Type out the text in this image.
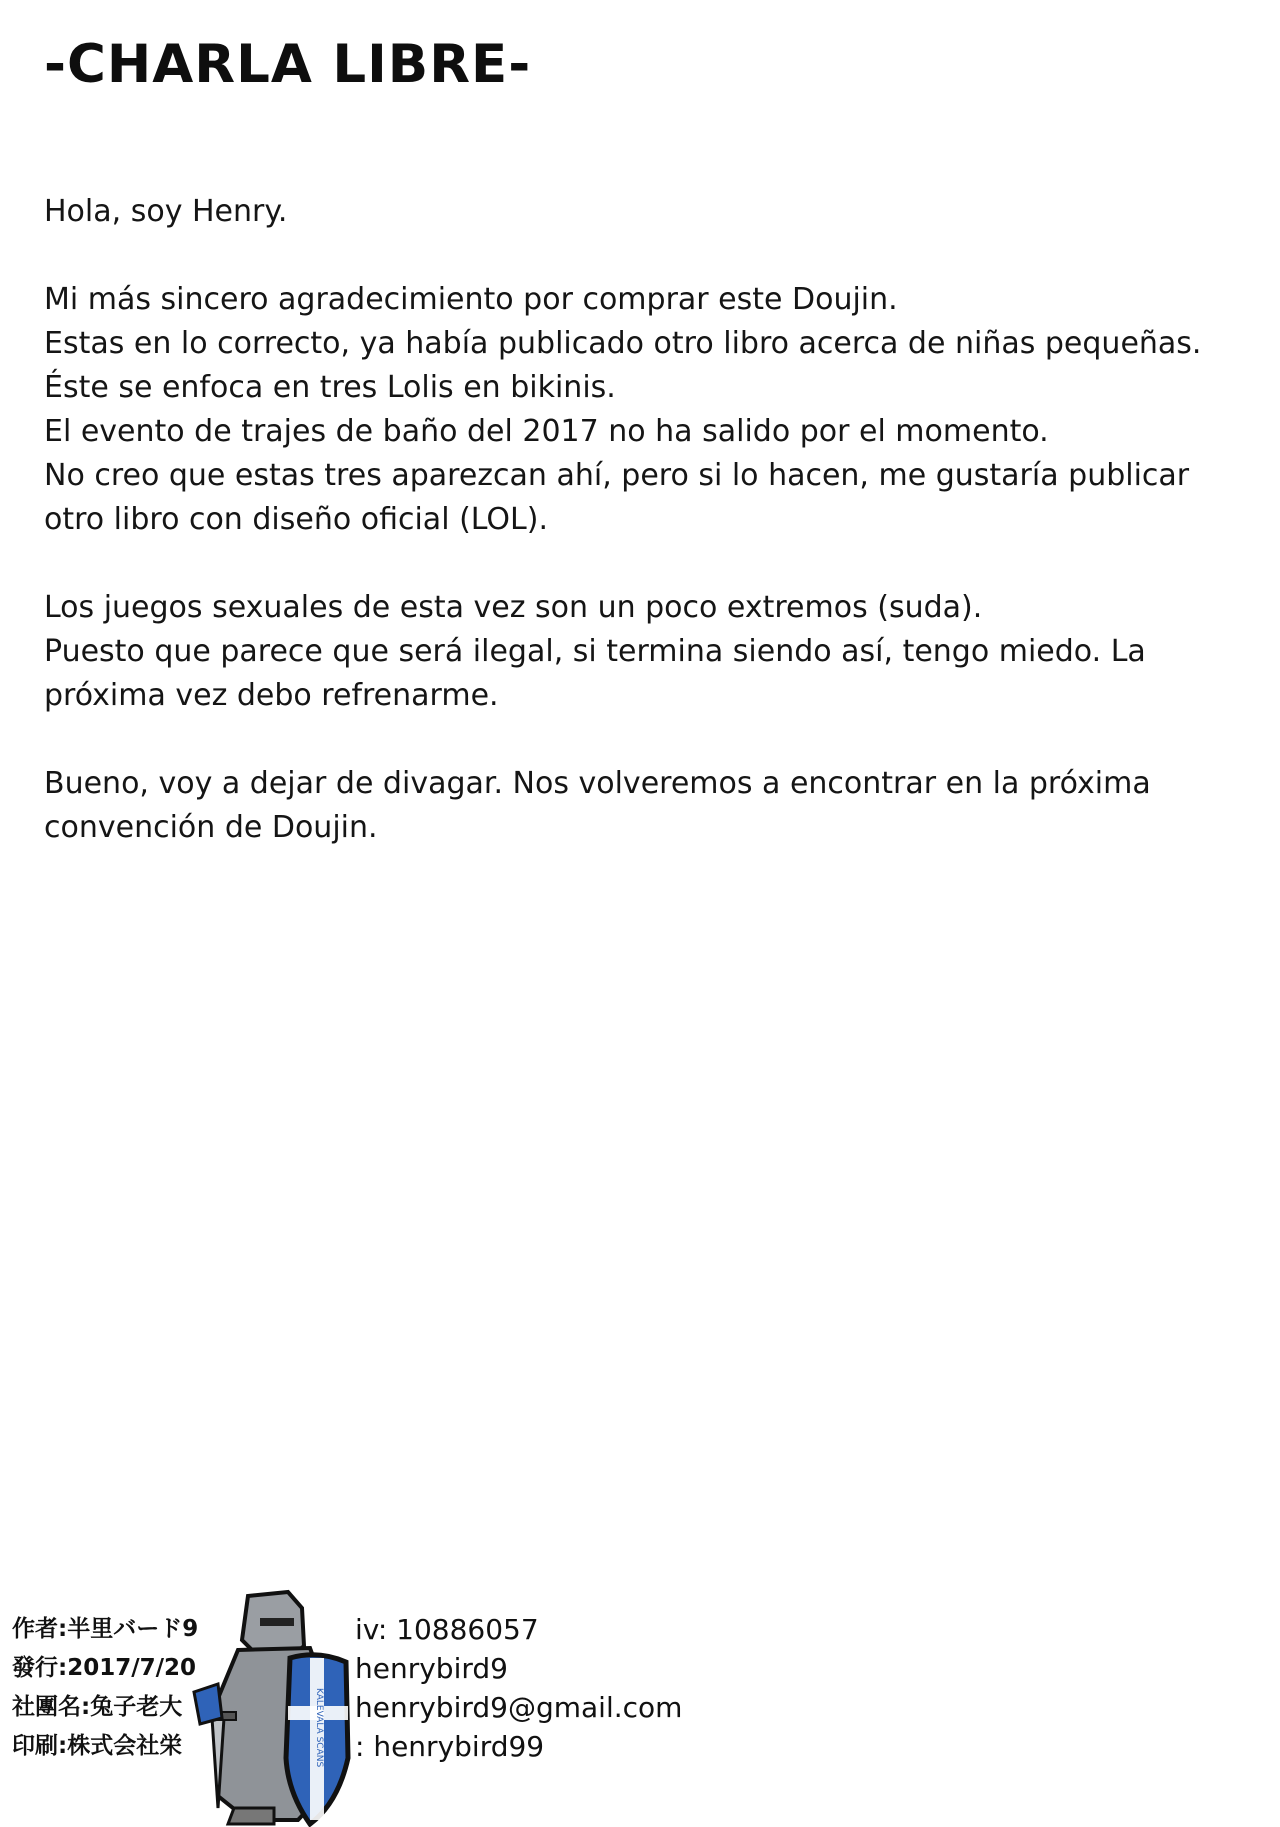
-CHARLA LIBRE-
Hola, soy Henry.
Mi más sincero agradecimiento por comprar este Doujin.
Estas en lo correcto, ya había publicado otro libro acerca de niñas pequeñas.
Éste se enfoca en tres Lolis en bikinis.
El evento de trajes de baño del 2017 no ha salido por el momento.
No creo que estas tres aparezcan ahí, pero si lo hacen, me gustaría publicar
otro libro con diseño oficial (LOL).
Los juegos sexuales de esta vez son un poco extremos (suda).
Puesto que parece que será ilegal, si termina siendo así, tengo miedo. La
próxima vez debo refrenarme.
Bueno, voy a dejar de divagar. Nos volveremos a encontrar en la próxima
convención de Doujin.
作者:半里バード9
發行:2017/7/20
社團名:兔子老大
印刷:株式会社栄
iv: 10886057
henrybird9
henrybird9@gmail.com
: henrybird99
KALEVALA SCANS
